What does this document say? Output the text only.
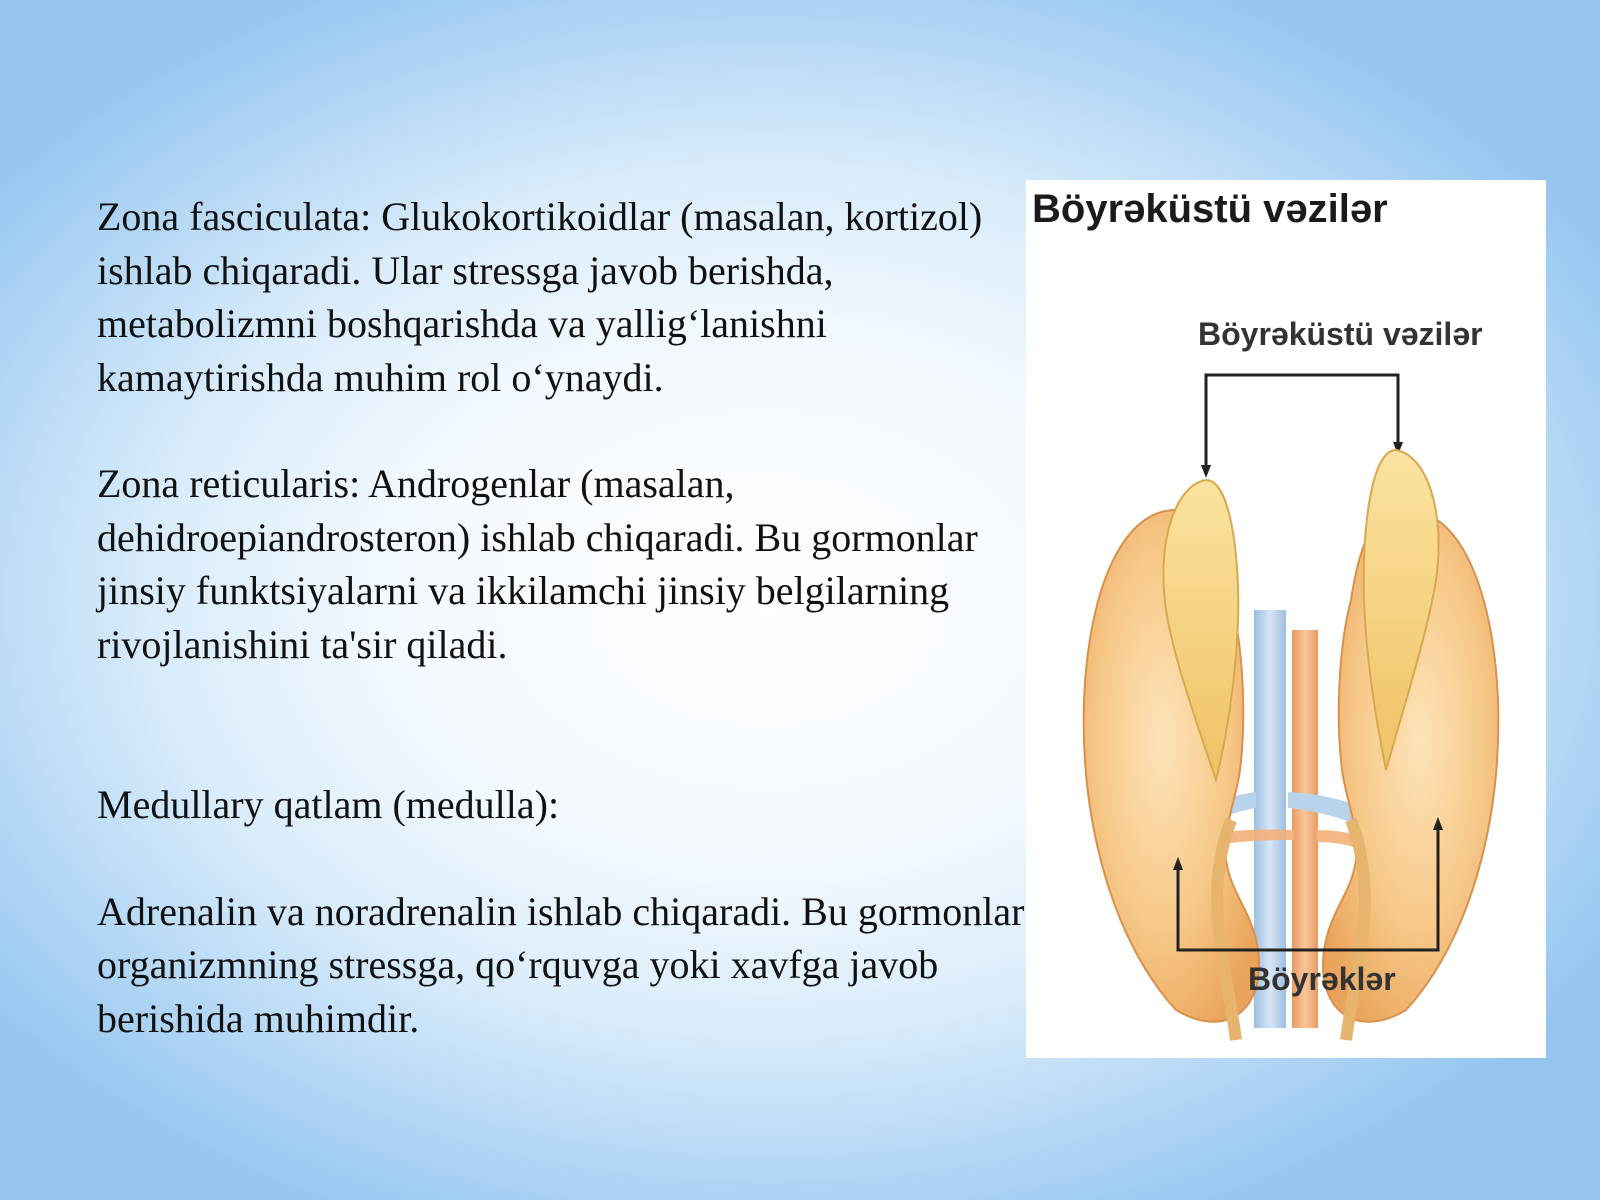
Zona fasciculata: Glukokortikoidlar (masalan, kortizol) ishlab chiqaradi. Ular stressga javob berishda, metabolizmni boshqarishda va yallig‘lanishni kamaytirishda muhim rol o‘ynaydi.

Zona reticularis: Androgenlar (masalan, dehidroepiandrosteron) ishlab chiqaradi. Bu gormonlar jinsiy funktsiyalarni va ikkilamchi jinsiy belgilarning rivojlanishini ta'sir qiladi.

Medullary qatlam (medulla):

Adrenalin va noradrenalin ishlab chiqaradi. Bu gormonlar organizmning stressga, qo‘rquvga yoki xavfga javob berishida muhimdir.

Böyrəküstü vəzilər
Böyrəküstü vəzilər
Böyrəklər
